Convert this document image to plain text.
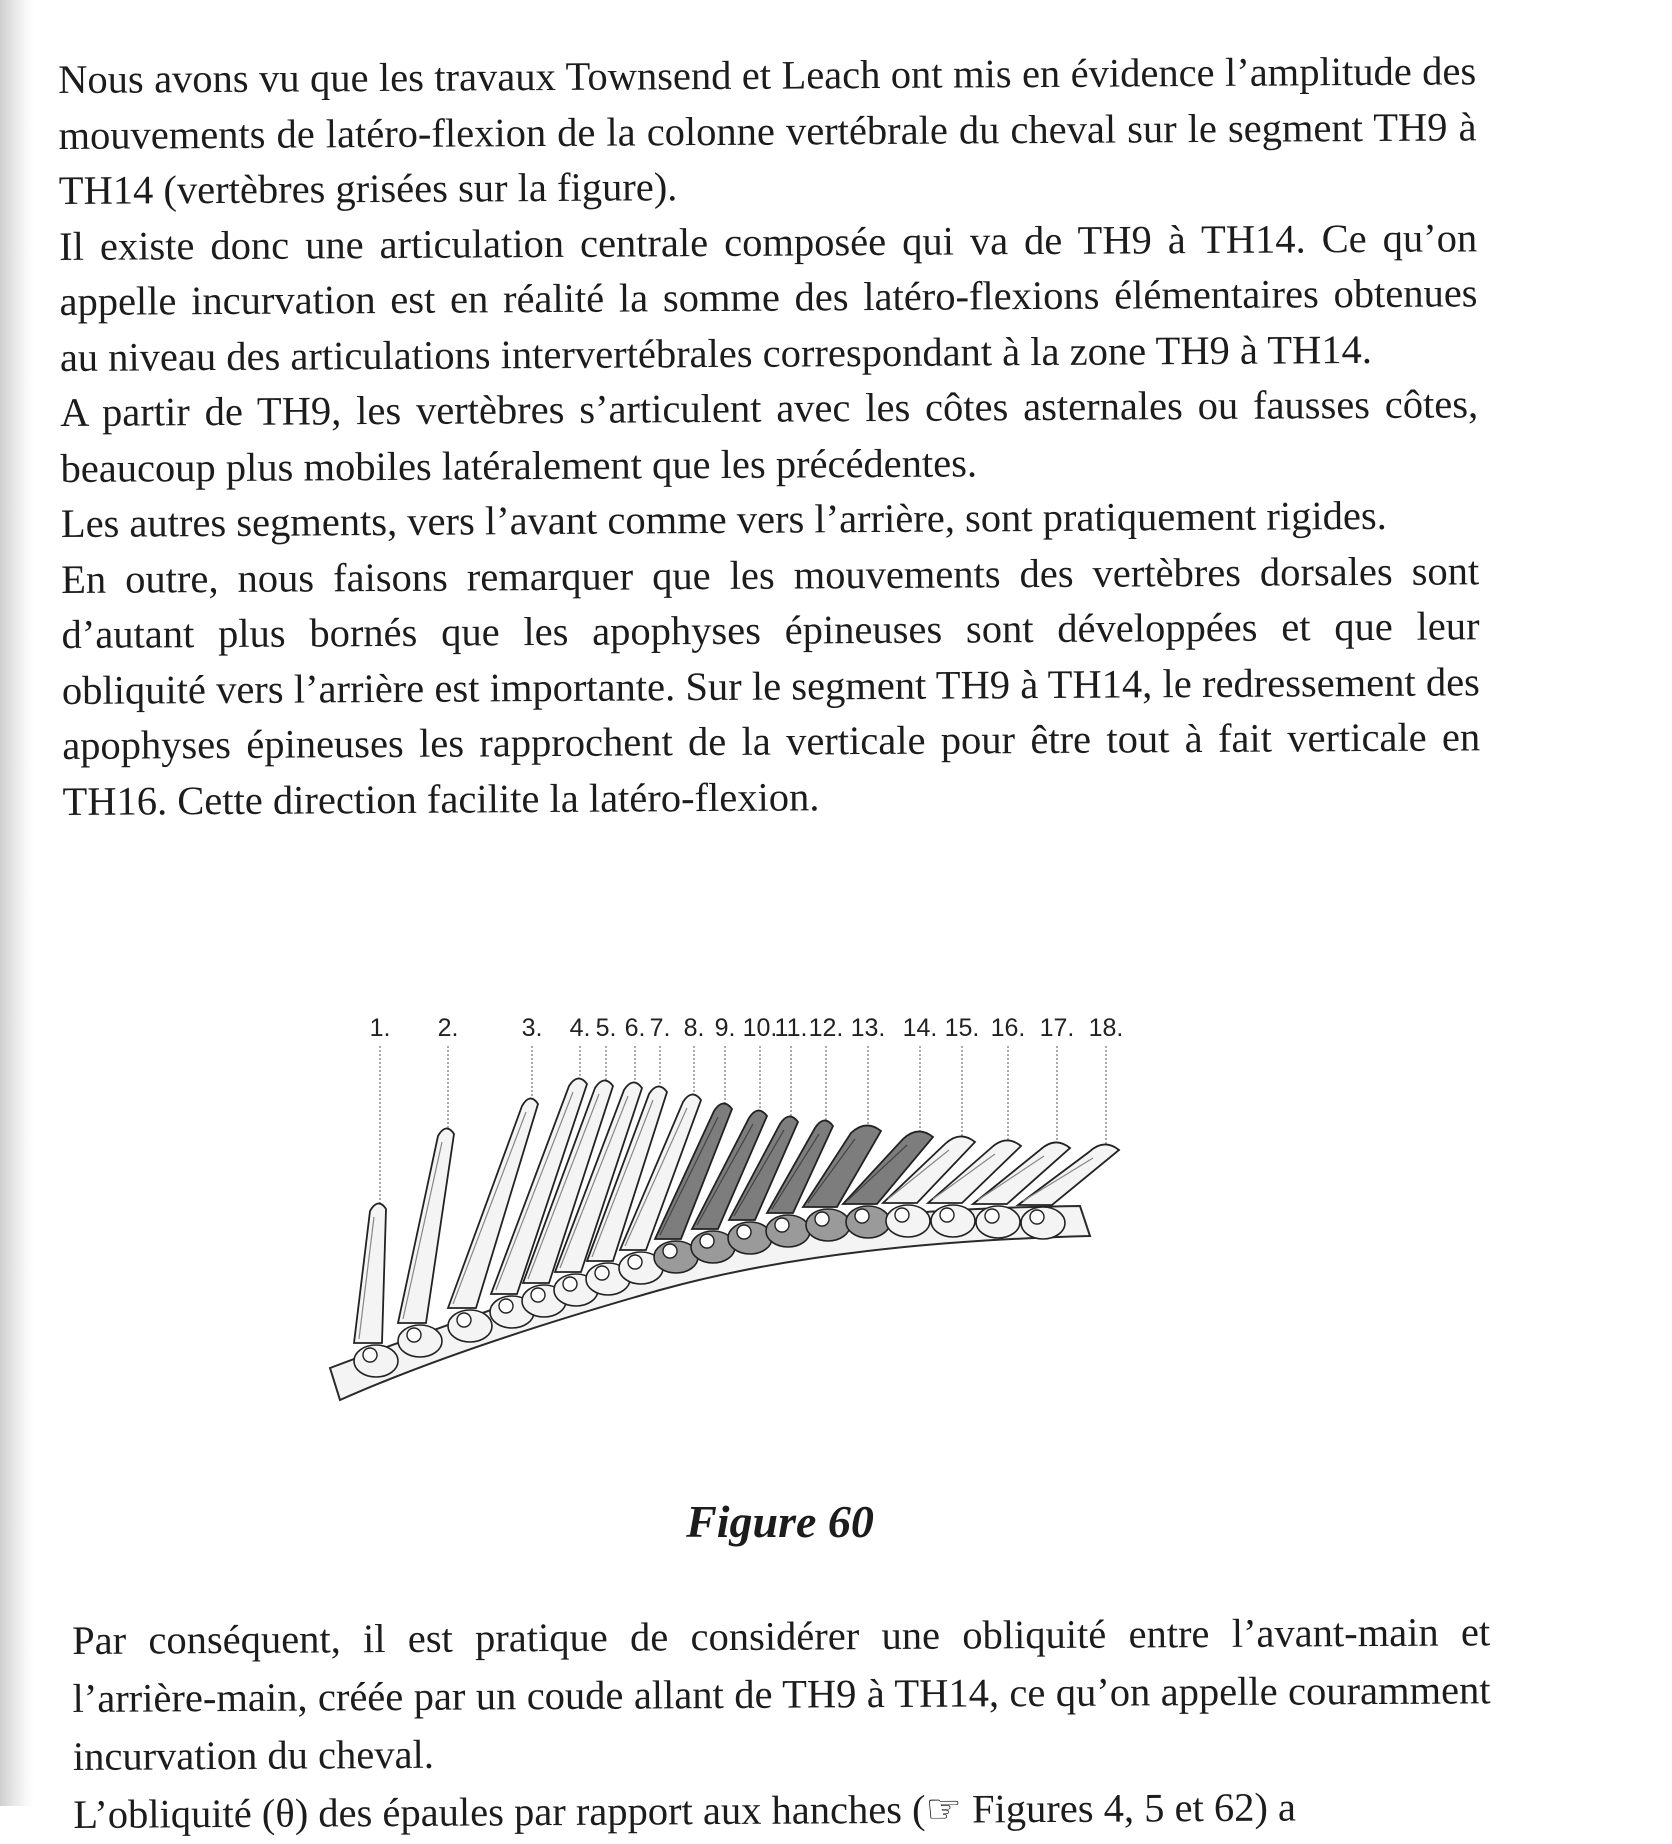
Nous avons vu que les travaux Townsend et Leach ont mis en évidence l’amplitude des mouvements de latéro-flexion de la colonne vertébrale du cheval sur le segment TH9 à TH14 (vertèbres grisées sur la figure).

Il existe donc une articulation centrale composée qui va de TH9 à TH14. Ce qu’on appelle incurvation est en réalité la somme des latéro-flexions élémentaires obtenues au niveau des articulations intervertébrales correspondant à la zone TH9 à TH14.

A partir de TH9, les vertèbres s’articulent avec les côtes asternales ou fausses côtes, beaucoup plus mobiles latéralement que les précédentes.

Les autres segments, vers l’avant comme vers l’arrière, sont pratiquement rigides.

En outre, nous faisons remarquer que les mouvements des vertèbres dorsales sont d’autant plus bornés que les apophyses épineuses sont développées et que leur obliquité vers l’arrière est importante. Sur le segment TH9 à TH14, le redressement des apophyses épineuses les rapprochent de la verticale pour être tout à fait verticale en TH16. Cette direction facilite la latéro-flexion.

1. 2.	3. 4. 5. 6. 7. 8. 9. 10.
11. 12. 13. 14. 15. 16. 17. 18.
Figure 60

Par conséquent, il est pratique de considérer une obliquité entre l’avant-main et l’arrière-main, créée par un coude allant de TH9 à TH14, ce qu’on appelle couramment incurvation du cheval.

L’obliquité (θ) des épaules par rapport aux hanches (☞ Figures 4, 5 et 62) a
